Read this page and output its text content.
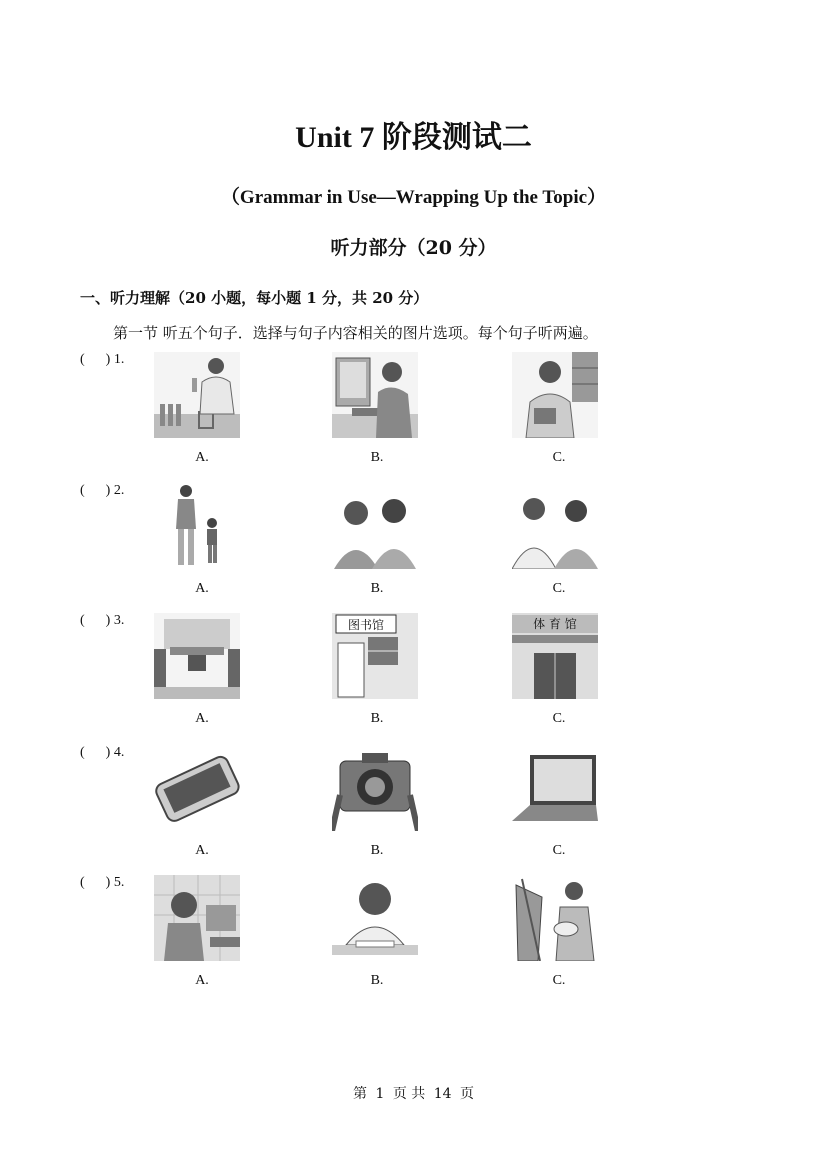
Unit 7 阶段测试二
（Grammar in Use—Wrapping Up the Topic）
听力部分（20 分）
一、听力理解（20 小题，每小题 1 分，共 20 分）
第一节 听五个句子．选择与句子内容相关的图片选项。每个句子听两遍。
(      ) 1.
A.	B.	C.
(      ) 2.
A.	B.	C.
(      ) 3.
A.
图书馆
B.
体 育 馆
C.
(      ) 4.
A.	B.	C.
(      ) 5.
A.	B.	C.
第 1 页 共 14 页
